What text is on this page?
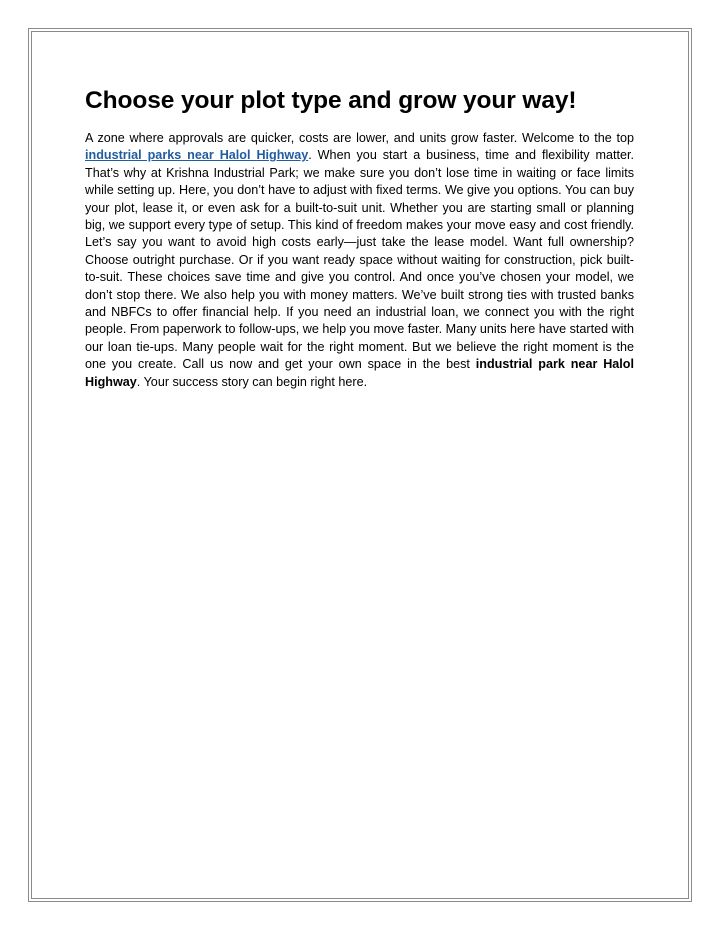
Choose your plot type and grow your way!

A zone where approvals are quicker, costs are lower, and units grow faster. Welcome to the top industrial parks near Halol Highway. When you start a business, time and flexibility matter. That’s why at Krishna Industrial Park; we make sure you don’t lose time in waiting or face limits while setting up. Here, you don’t have to adjust with fixed terms. We give you options. You can buy your plot, lease it, or even ask for a built-to-suit unit. Whether you are starting small or planning big, we support every type of setup. This kind of freedom makes your move easy and cost friendly. Let’s say you want to avoid high costs early—just take the lease model. Want full ownership? Choose outright purchase. Or if you want ready space without waiting for construction, pick built-to-suit. These choices save time and give you control. And once you’ve chosen your model, we don’t stop there. We also help you with money matters. We’ve built strong ties with trusted banks and NBFCs to offer financial help. If you need an industrial loan, we connect you with the right people. From paperwork to follow-ups, we help you move faster. Many units here have started with our loan tie-ups. Many people wait for the right moment. But we believe the right moment is the one you create. Call us now and get your own space in the best industrial park near Halol Highway. Your success story can begin right here.
